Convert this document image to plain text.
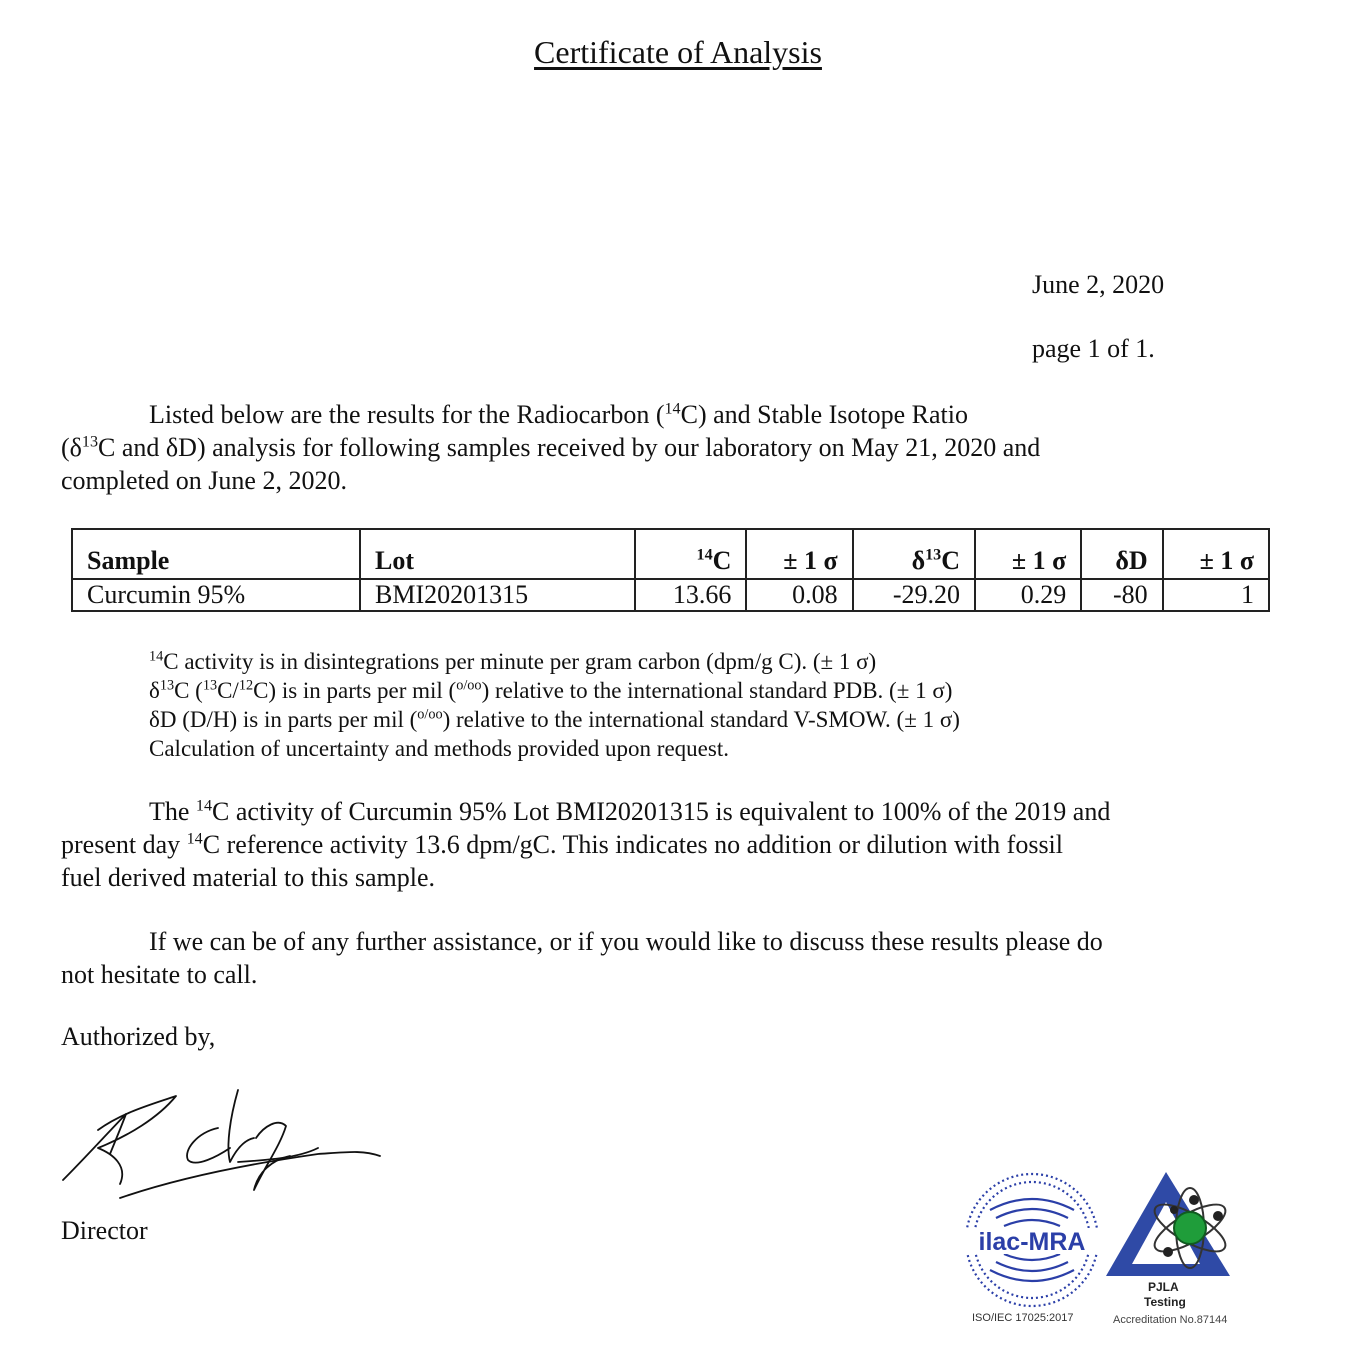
Certificate of Analysis
June 2, 2020
page 1 of 1.
Listed below are the results for the Radiocarbon ($^{14}$C) and Stable Isotope Ratio
($\delta^{13}C$ and δD) analysis for following samples received by our laboratory on May 21, 2020 and
completed on June 2, 2020.
Sample	Lot	$^{14}$C	± 1 σ	$\delta^{13}C$	± 1 σ	δD	± 1 σ
Curcumin 95%	BMI20201315	13.66	0.08	-29.20	0.29	-80	1
$^{14}$C activity is in disintegrations per minute per gram carbon (dpm/g C). (± 1 σ)
$\delta^{13}C$ ($^{13}$C/$^{12}$C) is in parts per mil ($^{o/oo}$) relative to the international standard PDB. (± 1 σ)
δD (D/H) is in parts per mil ($^{o/oo}$) relative to the international standard V-SMOW. (± 1 σ)
Calculation of uncertainty and methods provided upon request.
The $^{14}$C activity of Curcumin 95% Lot BMI20201315 is equivalent to 100% of the 2019 and
present day $^{14}$C reference activity 13.6 dpm/gC. This indicates no addition or dilution with fossil
fuel derived material to this sample.
If we can be of any further assistance, or if you would like to discuss these results please do
not hesitate to call.
Authorized by,
Director	ilac-MRA
ISO/IEC 17025:2017
PJLA
Testing
Accreditation No.87144
